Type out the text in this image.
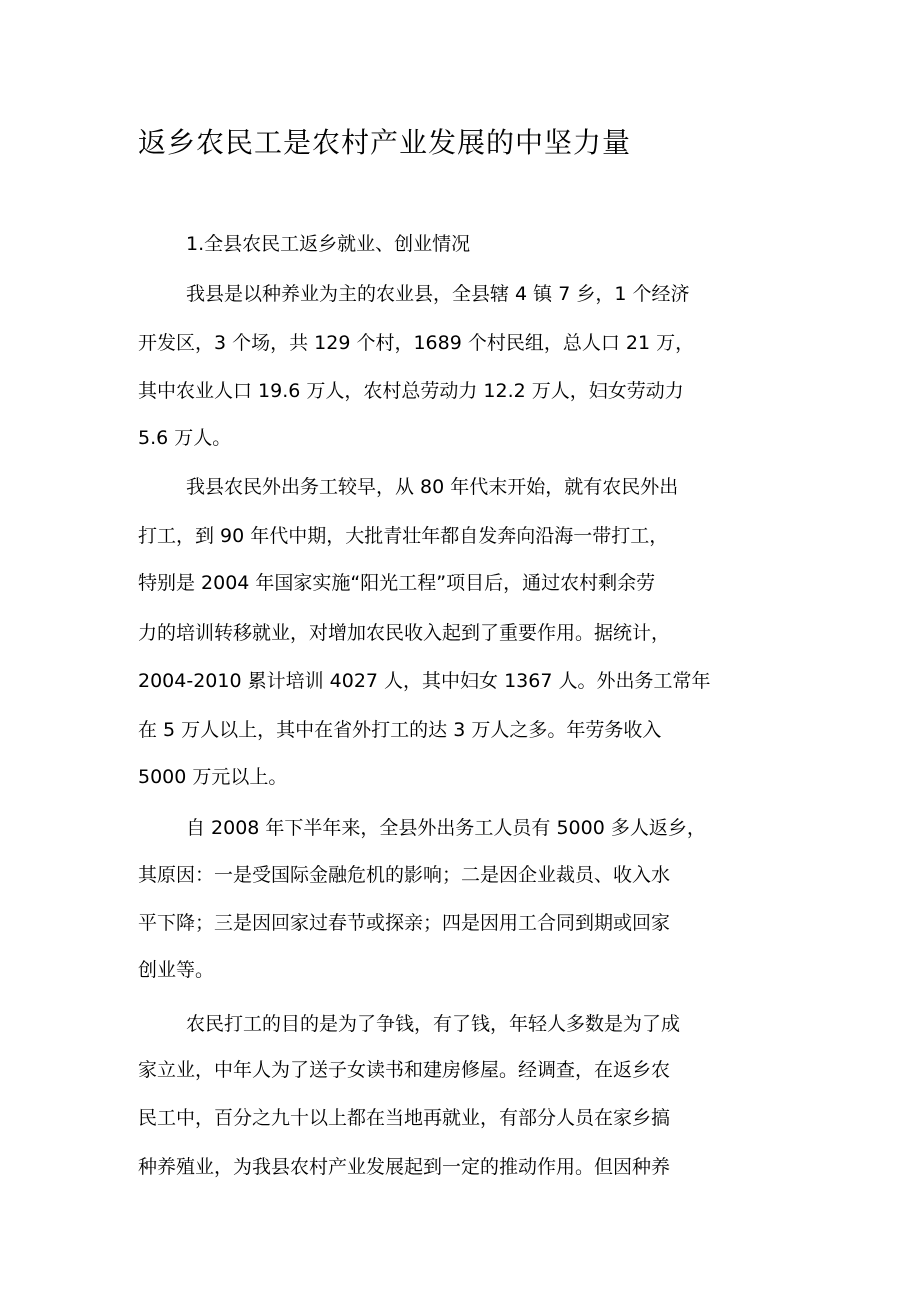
返乡农民工是农村产业发展的中坚力量

1.全县农民工返乡就业、创业情况

我县是以种养业为主的农业县，全县辖 4 镇 7 乡，1 个经济

开发区，3 个场，共 129 个村，1689 个村民组，总人口 21 万，

其中农业人口 19.6 万人，农村总劳动力 12.2 万人，妇女劳动力

5.6 万人。

我县农民外出务工较早，从 80 年代末开始，就有农民外出

打工，到 90 年代中期，大批青壮年都自发奔向沿海一带打工，

特别是 2004 年国家实施“阳光工程”项目后，通过农村剩余劳

力的培训转移就业，对增加农民收入起到了重要作用。据统计，

2004-2010 累计培训 4027 人，其中妇女 1367 人。外出务工常年

在 5 万人以上，其中在省外打工的达 3 万人之多。年劳务收入

5000 万元以上。

自 2008 年下半年来，全县外出务工人员有 5000 多人返乡，

其原因：一是受国际金融危机的影响；二是因企业裁员、收入水

平下降；三是因回家过春节或探亲；四是因用工合同到期或回家

创业等。

农民打工的目的是为了争钱，有了钱，年轻人多数是为了成

家立业，中年人为了送子女读书和建房修屋。经调查，在返乡农

民工中，百分之九十以上都在当地再就业，有部分人员在家乡搞

种养殖业，为我县农村产业发展起到一定的推动作用。但因种养
